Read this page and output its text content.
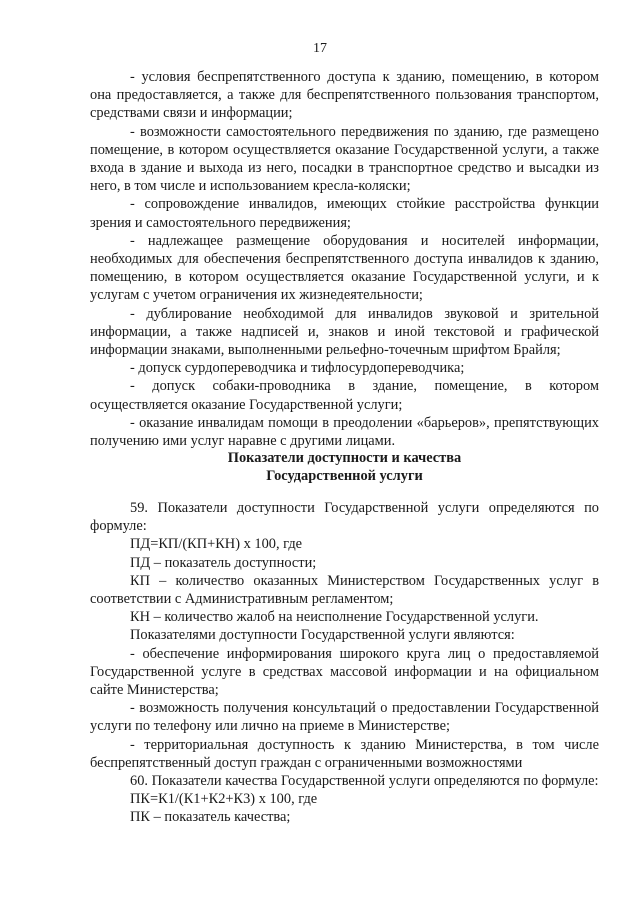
17

- условия беспрепятственного доступа к зданию, помещению, в котором она предоставляется, а также для беспрепятственного пользования транспортом, средствами связи и информации;

- возможности самостоятельного передвижения по зданию, где размещено помещение, в котором осуществляется оказание Государственной услуги, а также входа в здание и выхода из него, посадки в транспортное средство и высадки из него, в том числе и использованием кресла-коляски;

- сопровождение инвалидов, имеющих стойкие расстройства функции зрения и самостоятельного передвижения;

- надлежащее размещение оборудования и носителей информации, необходимых для обеспечения беспрепятственного доступа инвалидов к зданию, помещению, в котором осуществляется оказание Государственной услуги, и к услугам с учетом ограничения их жизнедеятельности;

- дублирование необходимой для инвалидов звуковой и зрительной информации, а также надписей и, знаков и иной текстовой и графической информации знаками, выполненными рельефно-точечным шрифтом Брайля;

- допуск сурдопереводчика и тифлосурдопереводчика;

- допуск собаки-проводника в здание, помещение, в котором осуществляется оказание Государственной услуги;

- оказание инвалидам помощи в преодолении «барьеров», препятствующих получению ими услуг наравне с другими лицами.

Показатели доступности и качества

Государственной услуги

59. Показатели доступности Государственной услуги определяются по формуле:

ПД=КП/(КП+КН) х 100, где

ПД – показатель доступности;

КП – количество оказанных Министерством Государственных услуг в соответствии с Административным регламентом;

КН – количество жалоб на неисполнение Государственной услуги.

Показателями доступности Государственной услуги являются:

- обеспечение информирования широкого круга лиц о предоставляемой Государственной услуге в средствах массовой информации и на официальном сайте Министерства;

- возможность получения консультаций о предоставлении Государственной услуги по телефону или лично на приеме в Министерстве;

- территориальная доступность к зданию Министерства, в том числе беспрепятственный доступ граждан с ограниченными возможностями

60. Показатели качества Государственной услуги определяются по формуле:

ПК=К1/(К1+К2+К3) х 100, где

ПК – показатель качества;
